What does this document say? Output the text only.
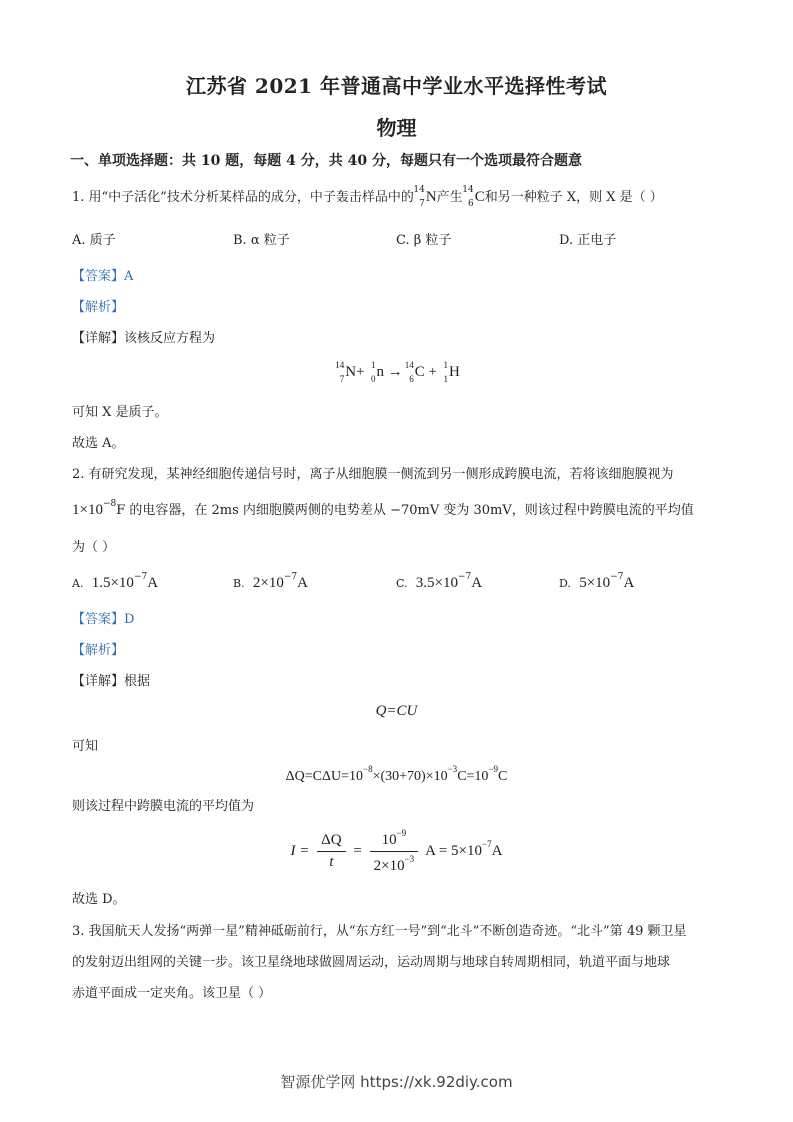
江苏省 2021 年普通高中学业水平选择性考试
物理
一、单项选择题：共 10 题，每题 4 分，共 40 分，每题只有一个选项最符合题意
1. 用“中子活化”技术分析某样品的成分，中子轰击样品中的 14
7 N产生 14
6 C和另一种粒子 X，则 X 是（ ）
A. 质子	B. α 粒子	C. β 粒子	D. 正电子
【答案】A
【解析】
【详解】该核反应方程为
14
7 N+ 1
0 n → 14
6 C + 1
1 H
可知 X 是质子。
故选 A。
2. 有研究发现，某神经细胞传递信号时，离子从细胞膜一侧流到另一侧形成跨膜电流，若将该细胞膜视为
$1\times 10^{-8}F$ 的电容器，在 2ms 内细胞膜两侧的电势差从 −70mV 变为 30mV，则该过程中跨膜电流的平均值
为（ ）
A. $1.5\times 10^{-7}A$	B. $2\times 10^{-7}A$	C. $3.5\times 10^{-7}A$	D. $5\times 10^{-7}A$
【答案】D
【解析】
【详解】根据
Q=CU
可知
$\Delta Q=C\Delta U=10^{-8}\times(30+70)\times 10^{-3}C=10^{-9}C$
则该过程中跨膜电流的平均值为
$I = \frac{\Delta Q}{t} = \frac{10^{-9}}{2\times 10^{-3}}$ $A = 5\times 10^{-7}A$
故选 D。
3. 我国航天人发扬“两弹一星”精神砥砺前行，从“东方红一号”到“北斗”不断创造奇迹。“北斗”第 49 颗卫星
的发射迈出组网的关键一步。该卫星绕地球做圆周运动，运动周期与地球自转周期相同，轨道平面与地球
赤道平面成一定夹角。该卫星（ ）
智源优学网 https://xk.92diy.com
